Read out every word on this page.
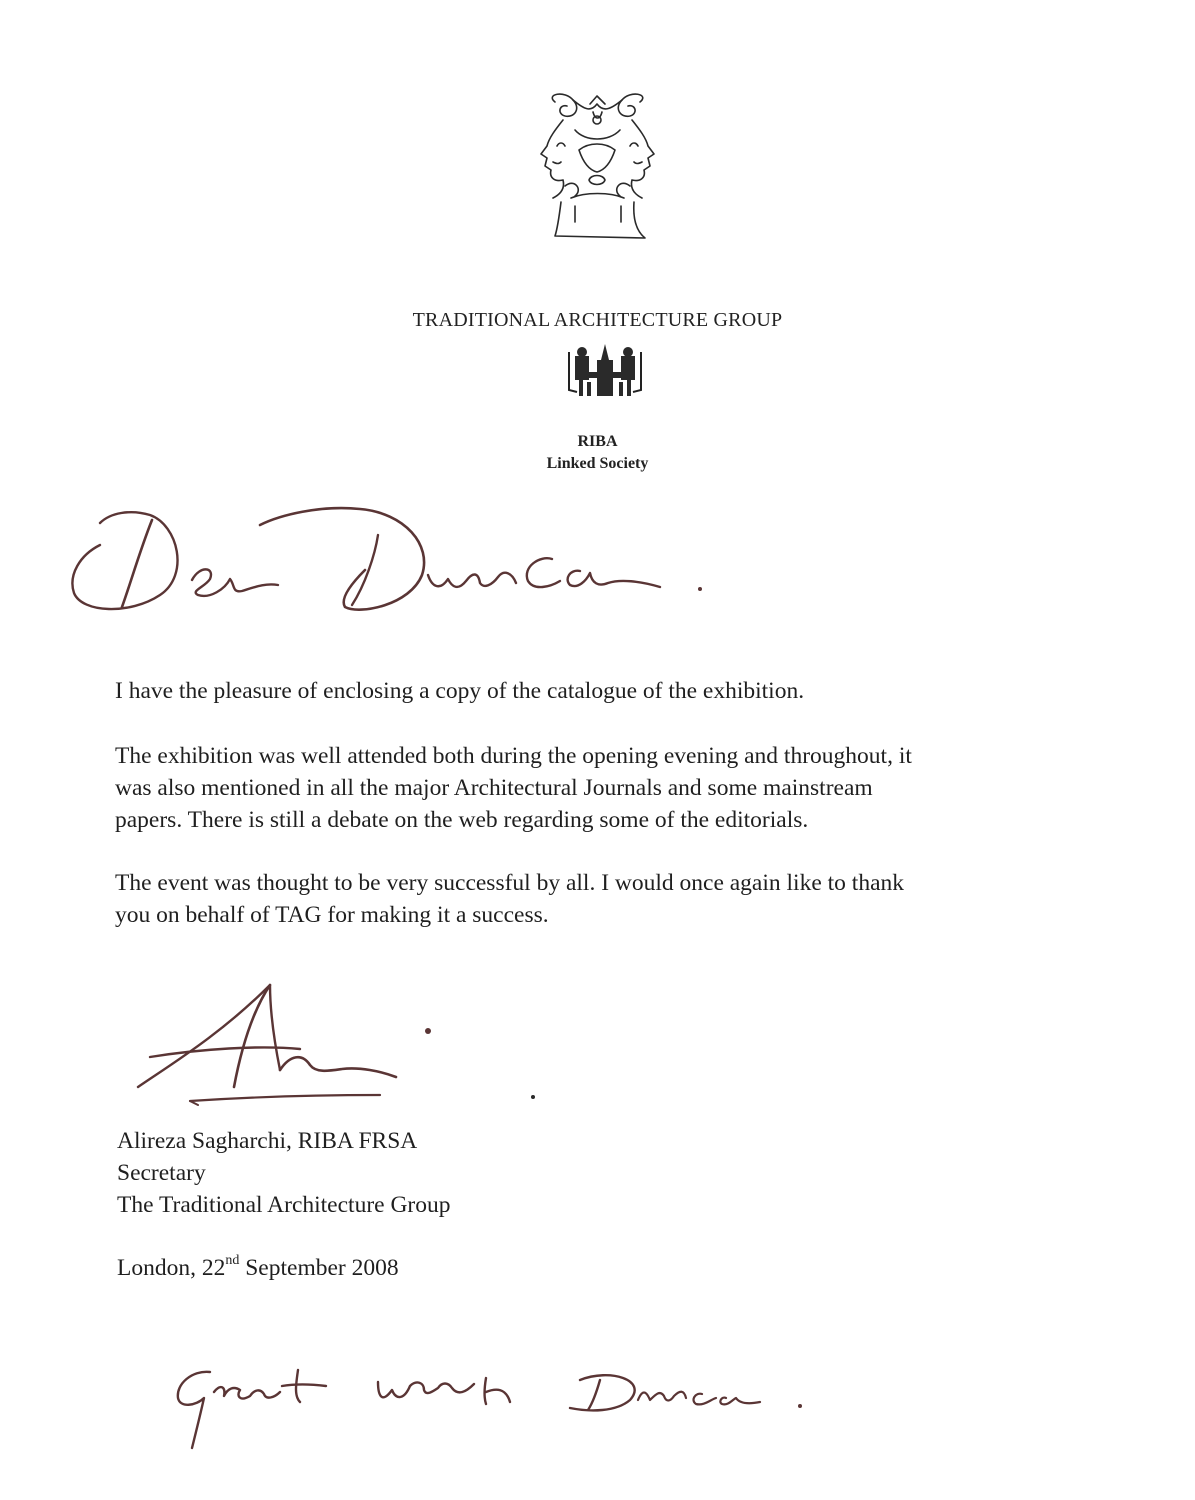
TRADITIONAL ARCHITECTURE GROUP
RIBA
Linked Society
I have the pleasure of enclosing a copy of the catalogue of the exhibition.
The exhibition was well attended both during the opening evening and throughout, it
was also mentioned in all the major Architectural Journals and some mainstream
papers. There is still a debate on the web regarding some of the editorials.
The event was thought to be very successful by all. I would once again like to thank
you on behalf of TAG for making it a success.
Alireza Sagharchi, RIBA FRSA
Secretary
The Traditional Architecture Group
London, 22nd September 2008
